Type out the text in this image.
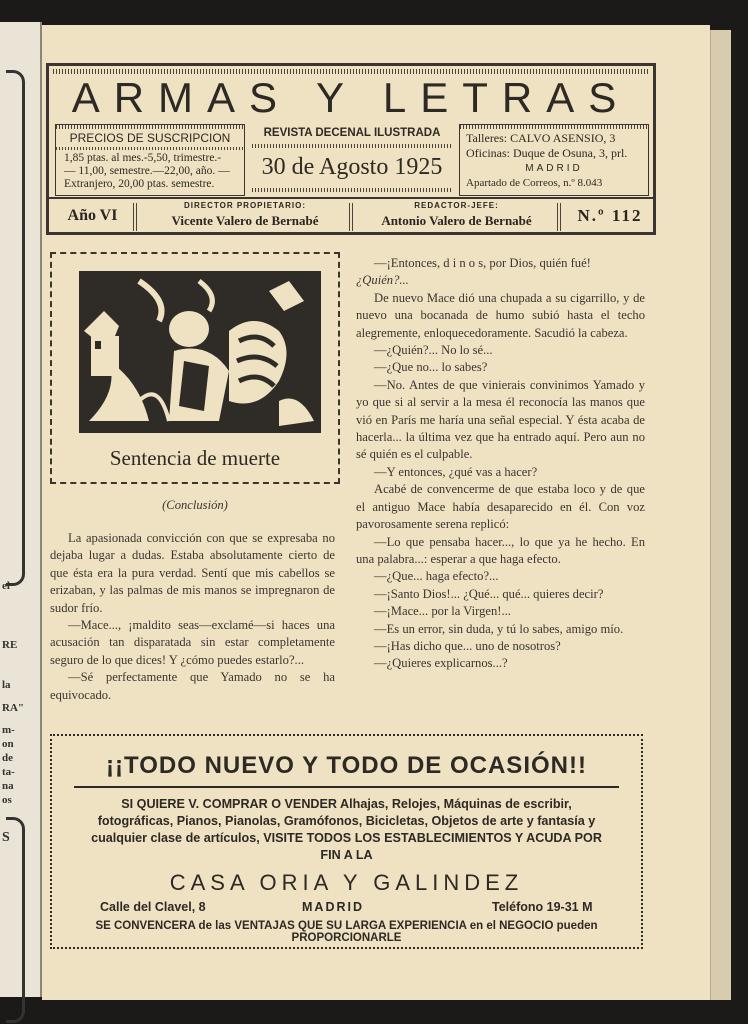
el
RE
la
RA"
m-
on
de
ta-
na
os
S
ARMAS Y LETRAS
PRECIOS DE SUSCRIPCION
1,85 ptas. al mes.-5,50, trimestre.-
— 11,00, semestre.—22,00, año. —
Extranjero, 20,00 ptas. semestre.
REVISTA DECENAL ILUSTRADA
30 de Agosto 1925
Talleres: CALVO ASENSIO, 3
Oficinas: Duque de Osuna, 3, prl.
MADRID
Apartado de Correos, n.º 8.043
Año VI
DIRECTOR PROPIETARIO:
Vicente Valero de Bernabé
REDACTOR-JEFE:
Antonio Valero de Bernabé	N.º 112
Sentencia de muerte
(Conclusión)

La apasionada convicción con que se expresaba no dejaba lugar a dudas. Estaba absolutamente cierto de que ésta era la pura verdad. Sentí que mis cabellos se erizaban, y las palmas de mis manos se impregnaron de sudor frío.

—Mace..., ¡maldito seas—exclamé—si haces una acusación tan disparatada sin estar completamente seguro de lo que dices! Y ¿cómo puedes estarlo?...

—Sé perfectamente que Yamado no se ha equivocado.

—¡Entonces, d i n o s, por Dios, quién fué!

¿Quién?...

De nuevo Mace dió una chupada a su cigarrillo, y de nuevo una bocanada de humo subió hasta el techo alegremente, enloquecedoramente. Sacudió la cabeza.

—¿Quién?... No lo sé...

—¿Que no... lo sabes?

—No. Antes de que vinierais convinimos Yamado y yo que si al servir a la mesa él reconocía las manos que vió en París me haría una señal especial. Y ésta acaba de hacerla... la última vez que ha entrado aquí. Pero aun no sé quién es el culpable.

—Y entonces, ¿qué vas a hacer?

Acabé de convencerme de que estaba loco y de que el antiguo Mace había desaparecido en él. Con voz pavorosamente serena replicó:

—Lo que pensaba hacer..., lo que ya he hecho. En una palabra...: esperar a que haga efecto.

—¿Que... haga efecto?...

—¡Santo Dios!... ¿Qué... qué... quieres decir?

—¡Mace... por la Virgen!...

—Es un error, sin duda, y tú lo sabes, amigo mío.

—¡Has dicho que... uno de nosotros?

—¿Quieres explicarnos...?

¡¡TODO NUEVO Y TODO DE OCASIÓN!!
SI QUIERE V. COMPRAR O VENDER Alhajas, Relojes, Máquinas de escribir, fotográficas, Pianos, Pianolas, Gramófonos, Bicicletas, Objetos de arte y fantasía y cualquier clase de artículos, VISITE TODOS LOS ESTABLECIMIENTOS Y ACUDA POR FIN A LA
CASA ORIA Y GALINDEZ
Calle del Clavel, 8	MADRID	Teléfono 19-31 M
SE CONVENCERA de las VENTAJAS QUE SU LARGA EXPERIENCIA en el NEGOCIO pueden PROPORCIONARLE
